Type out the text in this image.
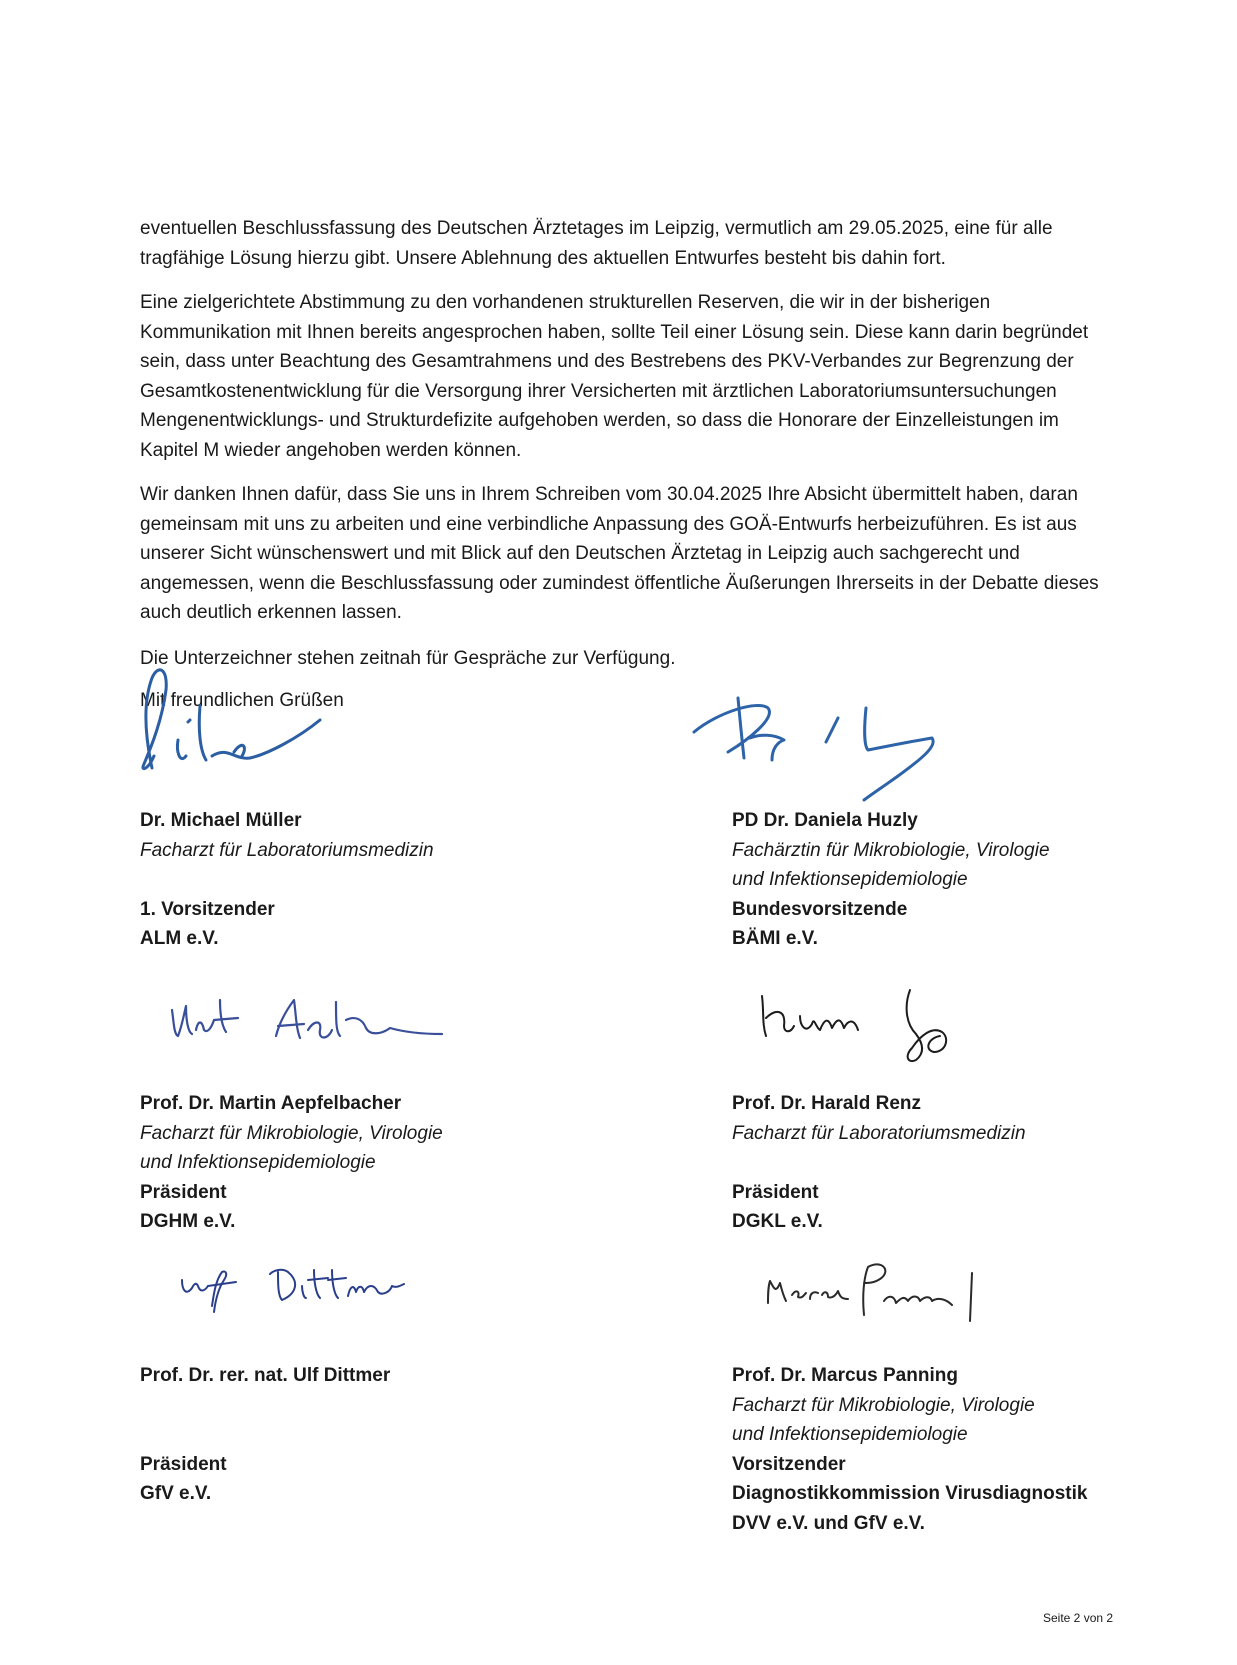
eventuellen Beschlussfassung des Deutschen Ärztetages im Leipzig, vermutlich am 29.05.2025, eine für alle tragfähige Lösung hierzu gibt. Unsere Ablehnung des aktuellen Entwurfes besteht bis dahin fort.

Eine zielgerichtete Abstimmung zu den vorhandenen strukturellen Reserven, die wir in der bisherigen Kommunikation mit Ihnen bereits angesprochen haben, sollte Teil einer Lösung sein. Diese kann darin begründet sein, dass unter Beachtung des Gesamtrahmens und des Bestrebens des PKV-Verbandes zur Begrenzung der Gesamtkostenentwicklung für die Versorgung ihrer Versicherten mit ärztlichen Laboratoriumsuntersuchungen Mengenentwicklungs- und Strukturdefizite aufgehoben werden, so dass die Honorare der Einzelleistungen im Kapitel M wieder angehoben werden können.

Wir danken Ihnen dafür, dass Sie uns in Ihrem Schreiben vom 30.04.2025 Ihre Absicht übermittelt haben, daran gemeinsam mit uns zu arbeiten und eine verbindliche Anpassung des GOÄ-Entwurfs herbeizuführen. Es ist aus unserer Sicht wünschenswert und mit Blick auf den Deutschen Ärztetag in Leipzig auch sachgerecht und angemessen, wenn die Beschlussfassung oder zumindest öffentliche Äußerungen Ihrerseits in der Debatte dieses auch deutlich erkennen lassen.

Die Unterzeichner stehen zeitnah für Gespräche zur Verfügung.

Mit freundlichen Grüßen

Dr. Michael Müller
Facharzt für Laboratoriumsmedizin
1. Vorsitzender
ALM e.V.
PD Dr. Daniela Huzly
Fachärztin für Mikrobiologie, Virologie
und Infektionsepidemiologie
Bundesvorsitzende
BÄMI e.V.
Prof. Dr. Martin Aepfelbacher
Facharzt für Mikrobiologie, Virologie
und Infektionsepidemiologie
Präsident
DGHM e.V.
Prof. Dr. Harald Renz
Facharzt für Laboratoriumsmedizin
Präsident
DGKL e.V.
Prof. Dr. rer. nat. Ulf Dittmer
Präsident
GfV e.V.
Prof. Dr. Marcus Panning
Facharzt für Mikrobiologie, Virologie
und Infektionsepidemiologie
Vorsitzender
Diagnostikkommission Virusdiagnostik
DVV e.V. und GfV e.V.
Seite 2 von 2
